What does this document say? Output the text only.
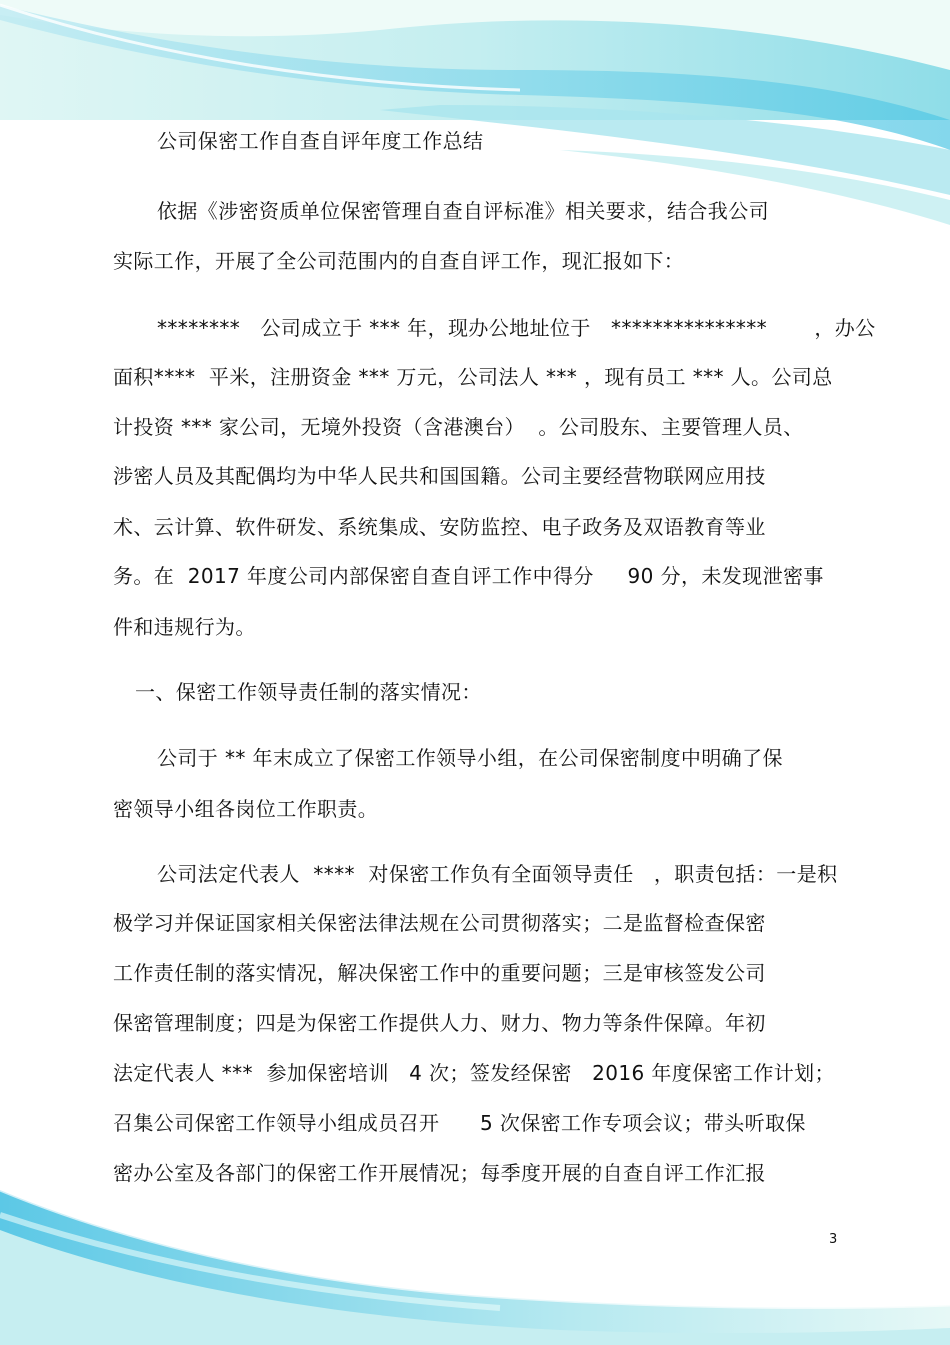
公司保密工作自查自评年度工作总结
依据《涉密资质单位保密管理自查自评标准》相关要求，结合我公司
实际工作，开展了全公司范围内的自查自评工作，现汇报如下：
********   公司成立于 *** 年，现办公地址位于   ***************       ，办公
面积****  平米，注册资金 *** 万元，公司法人 *** ，现有员工 *** 人。公司总
计投资 *** 家公司，无境外投资（含港澳台）  。公司股东、主要管理人员、
涉密人员及其配偶均为中华人民共和国国籍。公司主要经营物联网应用技
术、云计算、软件研发、系统集成、安防监控、电子政务及双语教育等业
务。在  2017 年度公司内部保密自查自评工作中得分     90 分，未发现泄密事
件和违规行为。
一、保密工作领导责任制的落实情况：
公司于 ** 年末成立了保密工作领导小组，在公司保密制度中明确了保
密领导小组各岗位工作职责。
公司法定代表人  ****  对保密工作负有全面领导责任   ，职责包括：一是积
极学习并保证国家相关保密法律法规在公司贯彻落实；二是监督检查保密
工作责任制的落实情况，解决保密工作中的重要问题；三是审核签发公司
保密管理制度；四是为保密工作提供人力、财力、物力等条件保障。年初
法定代表人 ***  参加保密培训   4 次；签发经保密   2016 年度保密工作计划；
召集公司保密工作领导小组成员召开      5 次保密工作专项会议；带头听取保
密办公室及各部门的保密工作开展情况；每季度开展的自查自评工作汇报
3
